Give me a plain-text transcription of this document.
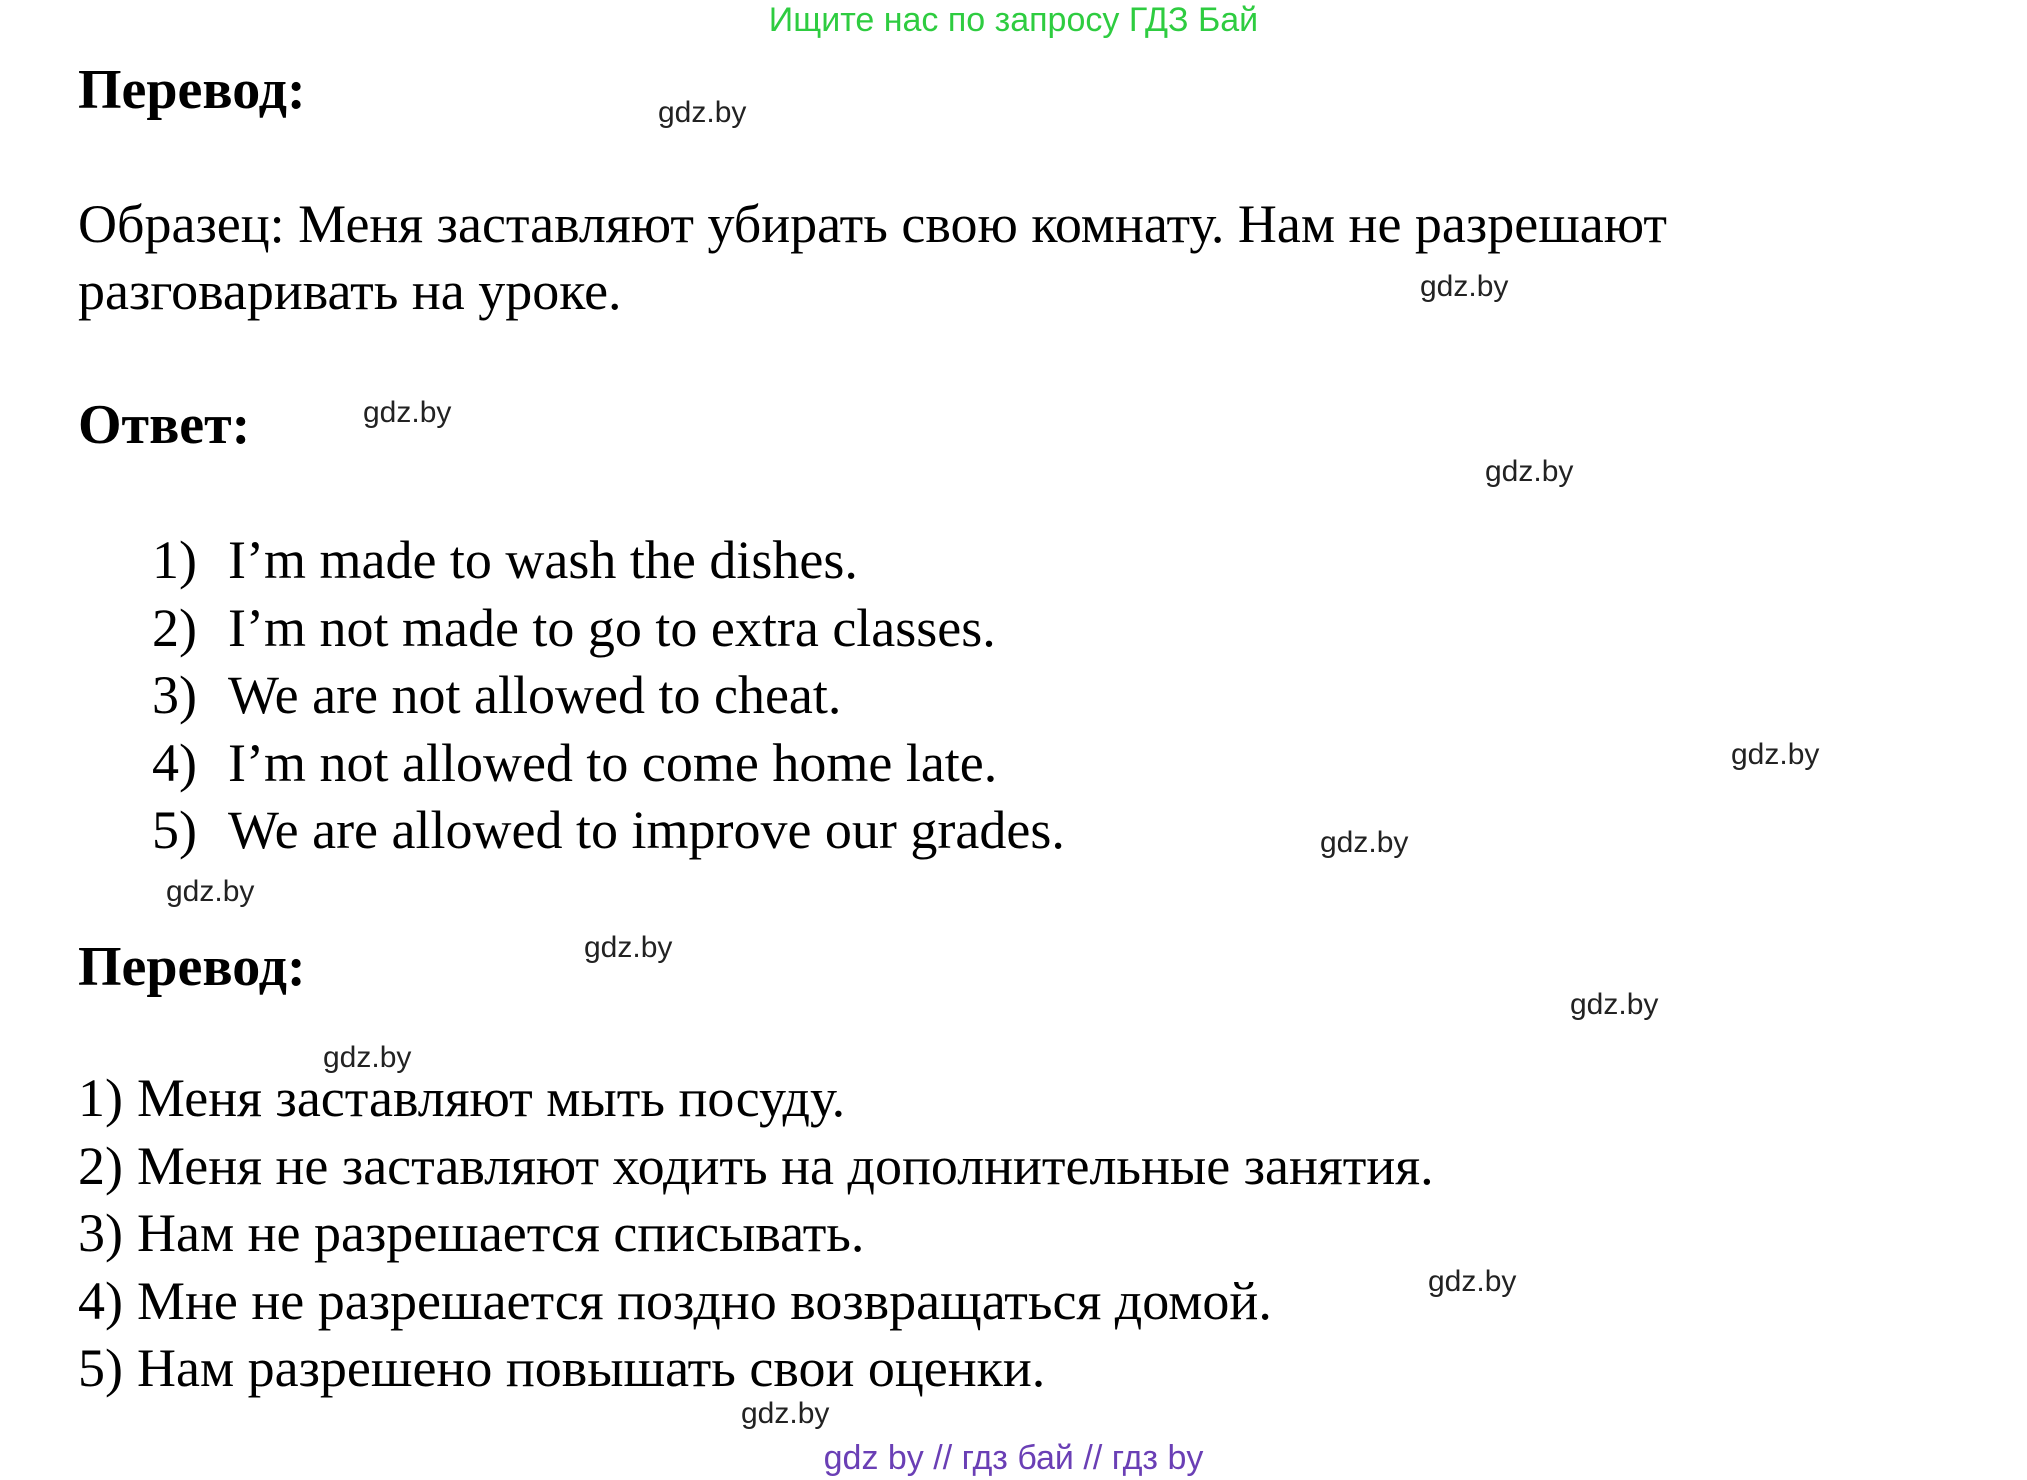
Ищите нас по запросу ГДЗ Бай
Перевод:
Образец: Меня заставляют убирать свою комнату. Нам не разрешают
разговаривать на уроке.
Ответ:
1) I’m made to wash the dishes.
2) I’m not made to go to extra classes.
3) We are not allowed to cheat.
4) I’m not allowed to come home late.
5) We are allowed to improve our grades.
Перевод:
1) Меня заставляют мыть посуду.
2) Меня не заставляют ходить на дополнительные занятия.
3) Нам не разрешается списывать.
4) Мне не разрешается поздно возвращаться домой.
5) Нам разрешено повышать свои оценки.
gdz.by
gdz.by
gdz.by
gdz.by
gdz.by
gdz.by
gdz.by
gdz.by
gdz.by
gdz.by
gdz.by
gdz.by
gdz by // гдз бай // гдз by
